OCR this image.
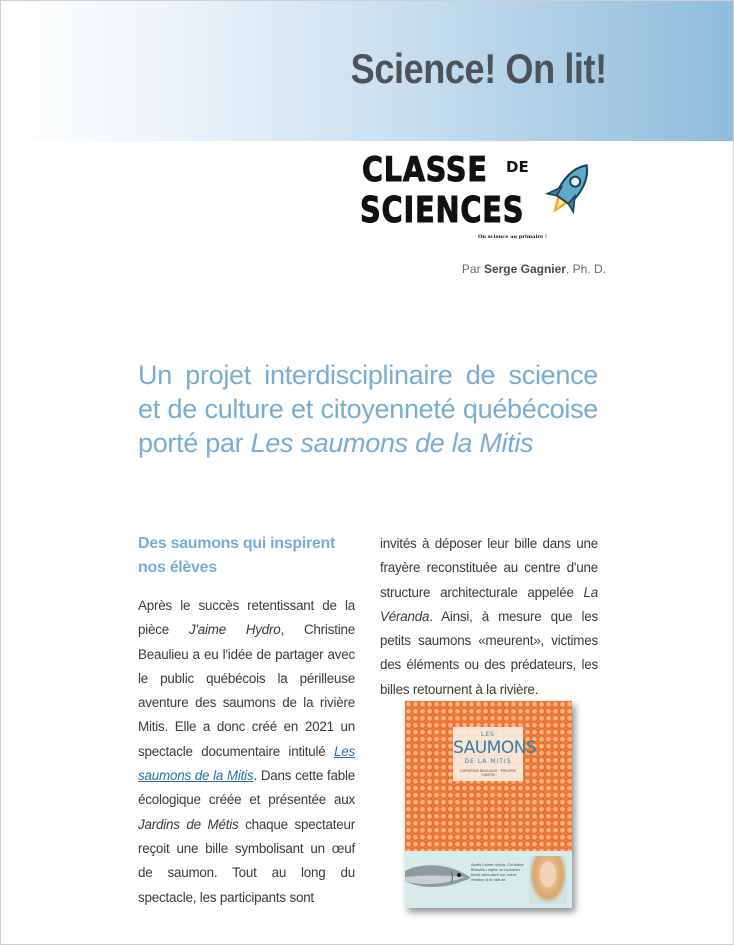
Science! On lit!
CLASSE DE
SCIENCES
On science au primaire !
Par Serge Gagnier, Ph. D.
Un projet interdisciplinaire de science et de culture et citoyenneté québécoise porté par Les saumons de la Mitis
Des saumons qui inspirent nos élèves

Après le succès retentissant de la pièce J'aime Hydro, Christine Beaulieu a eu l'idée de partager avec le public québécois la périlleuse aventure des saumons de la rivière Mitis. Elle a donc créé en 2021 un spectacle documentaire intitulé Les saumons de la Mitis. Dans cette fable écologique créée et présentée aux Jardins de Métis chaque spectateur reçoit une bille symbolisant un œuf de saumon. Tout au long du spectacle, les participants sont

invités à déposer leur bille dans une frayère reconstituée au centre d'une structure architecturale appelée La Véranda. Ainsi, à mesure que les petits saumons «meurent», victimes des éléments ou des prédateurs, les billes retournent à la rivière.

LES
SAUMONS
DE LA MITIS
CHRISTINE BEAULIEU · PHILIPPE CANTIN
Après J'aime Hydro, Christine Beaulieu signe un nouveau texte percutant sur notre relation à la nature.
